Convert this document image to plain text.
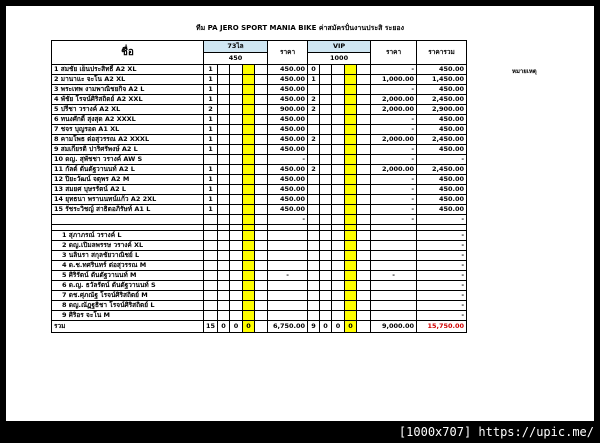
ทีม PA JERO SPORT MANIA BIKE ค่าสมัครปั่นงานประสิ ระยอง
ชื่อ	73ไล					ราคา	VIP					ราคา	ราคารวม
	450						1000						
1 สมชัย เย็นประสิทธิ์ A2 XL	1					450.00	0					-	450.00
2 มานาแะ จะโน A2 XL	1					450.00	1					1,000.00	1,450.00
3 พระเทพ งามพาณิชยกิจ A2 L	1					450.00						-	450.00
4 พัชัย โรจน์ศิริสถิตย์ A2 XXL	1					450.00	2					2,000.00	2,450.00
5 ปรีชา วรางค์ A2 XL	2					900.00	2					2,000.00	2,900.00
6 ทนงศักดิ์ สุงสุด A2 XXXL	1					450.00						-	450.00
7 ชจร บุญรอด A1 XL	1					450.00						-	450.00
8 คามโพธ ต่อสุวรรณ A2 XXXL	1					450.00	2					2,000.00	2,450.00
9 สมเกียรติ ปาริศรัพงษ์ A2 L	1					450.00						-	450.00
10 ดญ. สุพัชชา วรางค์ AW S						-						-	-
11 กัลต์ ตันตัฐวานนท์ A2 L	1					450.00	2					2,000.00	2,450.00
12 ปิยะวัฒน์ จตุพร A2 M	1					450.00						-	450.00
13 สมยศ บุษรรัตน์ A2 L	1					450.00						-	450.00
14 ยุทธนา พรานนทน์แก้ว A2 2XL	1					450.00						-	450.00
15 รัชระวิชญ์ สาธิตอภิรัษท์ A1 L	1					450.00						-	450.00
						-						-	-

1 สุภาภรณ์ วรางค์ L													-
2 ดญ.เปิมลพรรษ วรางค์ XL													-
3 นลินรา สกุลชัยวาณิชย์ L													-
4 ด.ช.ทศรินทร์ ต่อสุวรรณ M													-
5 ศิริรัตน์ ตันตัฐวานนท์ M						-						-	-
6 ด.ญ. ธวัลรัตน์ ตันตัฐวานนท์ S													-
7 ดช.ศุภณัฐ โรจน์ศิริสถิตย์ M													-
8 ดญ.ณัฏฐธิชา โรจน์ศิริสถิตย์ L													-
9 ศิริอร จะโน M													-
รวม	15	0	0	0		6,750.00	9	0	0	0		9,000.00	15,750.00
หมายเหตุ
[1000x707] https://upic.me/
